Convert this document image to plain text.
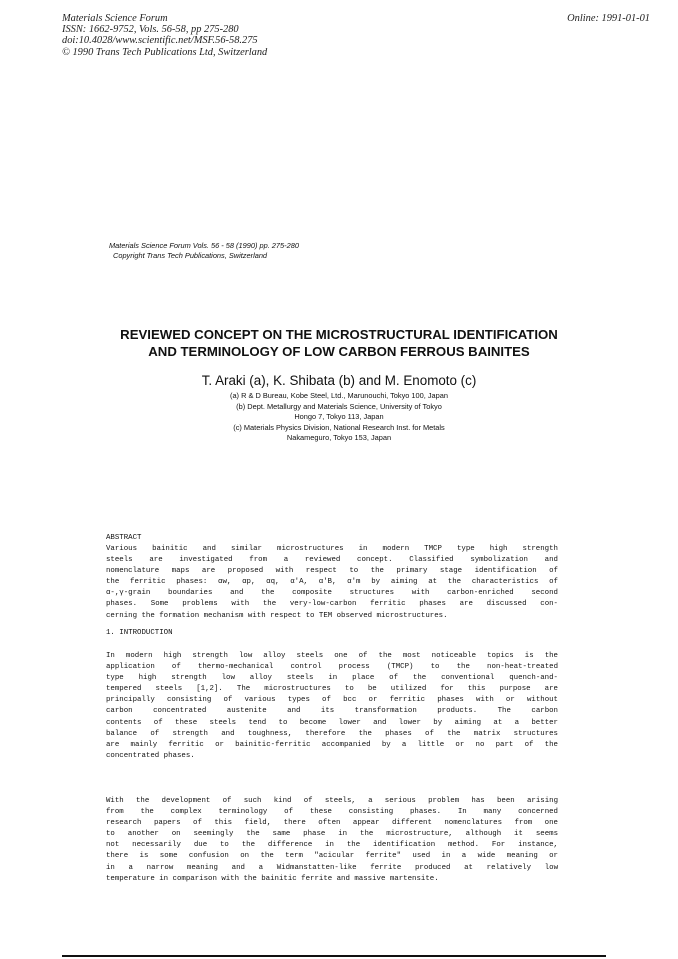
Materials Science Forum
ISSN: 1662-9752, Vols. 56-58, pp 275-280
doi:10.4028/www.scientific.net/MSF.56-58.275
© 1990 Trans Tech Publications Ltd, Switzerland
Online: 1991-01-01
Materials Science Forum Vols. 56 - 58 (1990) pp. 275-280
Copyright Trans Tech Publications, Switzerland
REVIEWED CONCEPT ON THE MICROSTRUCTURAL IDENTIFICATION
AND TERMINOLOGY OF LOW CARBON FERROUS BAINITES
T. Araki (a), K. Shibata (b) and M. Enomoto (c)
(a) R & D Bureau, Kobe Steel, Ltd., Marunouchi, Tokyo 100, Japan
(b) Dept. Metallurgy and Materials Science, University of Tokyo
Hongo 7, Tokyo 113, Japan
(c) Materials Physics Division, National Research Inst. for Metals
Nakameguro, Tokyo 153, Japan
ABSTRACT
Various bainitic and similar microstructures in modern TMCP type high strength
steels are investigated from a reviewed concept. Classified symbolization and
nomenclature maps are proposed with respect to the primary stage identification of
the ferritic phases: αw, αp, αq, α'A, α'B, α'm by aiming at the characteristics of
α-,γ-grain boundaries and the composite structures with carbon-enriched second
phases. Some problems with the very-low-carbon ferritic phases are discussed con-
cerning the formation mechanism with respect to TEM observed microstructures.
1. INTRODUCTION
In modern high strength low alloy steels one of the most noticeable topics is the
application of thermo-mechanical control process (TMCP) to the non-heat-treated
type high strength low alloy steels in place of the conventional quench-and-
tempered steels [1,2]. The microstructures to be utilized for this purpose are
principally consisting of various types of bcc or ferritic phases with or without
carbon concentrated austenite and its transformation products. The carbon
contents of these steels tend to become lower and lower by aiming at a better
balance of strength and toughness, therefore the phases of the matrix structures
are mainly ferritic or bainitic-ferritic accompanied by a little or no part of the
concentrated phases.
With the development of such kind of steels, a serious problem has been arising
from the complex terminology of these consisting phases. In many concerned
research papers of this field, there often appear different nomenclatures from one
to another on seemingly the same phase in the microstructure, although it seems
not necessarily due to the difference in the identification method. For instance,
there is some confusion on the term "acicular ferrite" used in a wide meaning or
in a narrow meaning and a Widmanstatten-like ferrite produced at relatively low
temperature in comparison with the bainitic ferrite and massive martensite.
